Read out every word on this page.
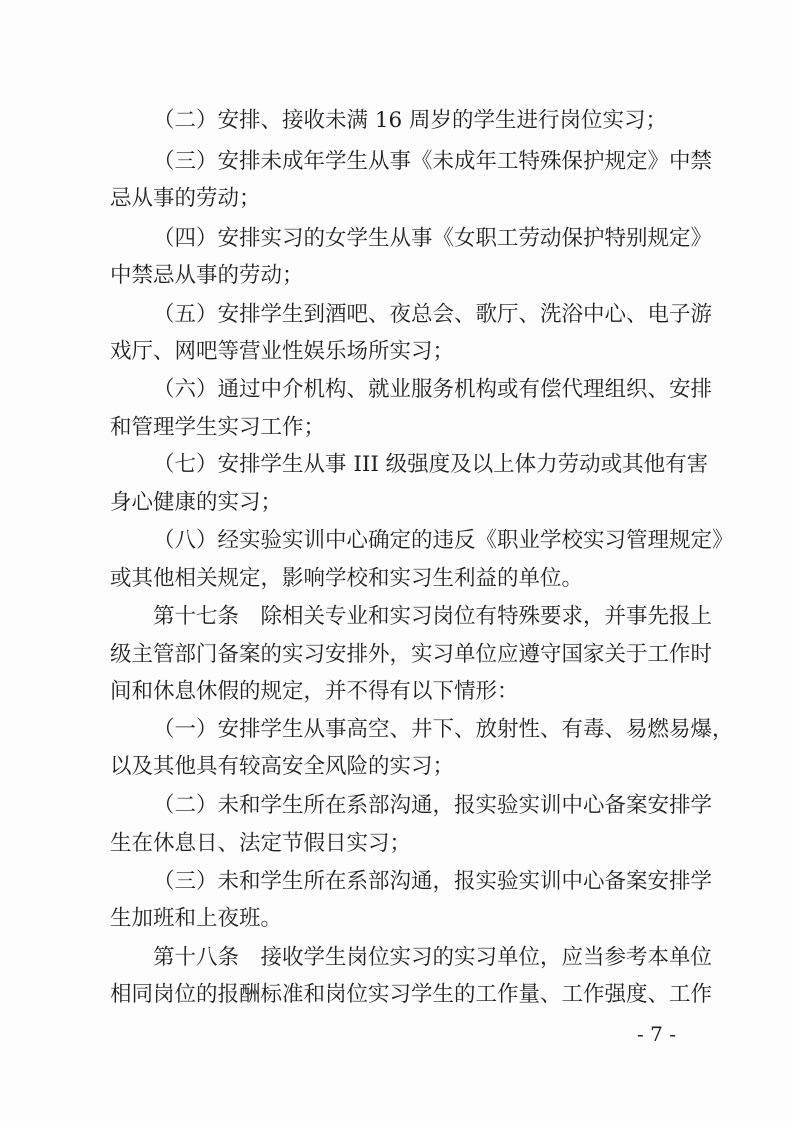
（二）安排、接收未满 16 周岁的学生进行岗位实习；
（三）安排未成年学生从事《未成年工特殊保护规定》中禁
忌从事的劳动；
（四）安排实习的女学生从事《女职工劳动保护特别规定》
中禁忌从事的劳动；
（五）安排学生到酒吧、夜总会、歌厅、洗浴中心、电子游
戏厅、网吧等营业性娱乐场所实习；
（六）通过中介机构、就业服务机构或有偿代理组织、安排
和管理学生实习工作；
（七）安排学生从事 III 级强度及以上体力劳动或其他有害
身心健康的实习；
（八）经实验实训中心确定的违反《职业学校实习管理规定》
或其他相关规定，影响学校和实习生利益的单位。
第十七条　除相关专业和实习岗位有特殊要求，并事先报上
级主管部门备案的实习安排外，实习单位应遵守国家关于工作时
间和休息休假的规定，并不得有以下情形：
（一）安排学生从事高空、井下、放射性、有毒、易燃易爆，
以及其他具有较高安全风险的实习；
（二）未和学生所在系部沟通，报实验实训中心备案安排学
生在休息日、法定节假日实习；
（三）未和学生所在系部沟通，报实验实训中心备案安排学
生加班和上夜班。
第十八条　接收学生岗位实习的实习单位，应当参考本单位
相同岗位的报酬标准和岗位实习学生的工作量、工作强度、工作
- 7 -
